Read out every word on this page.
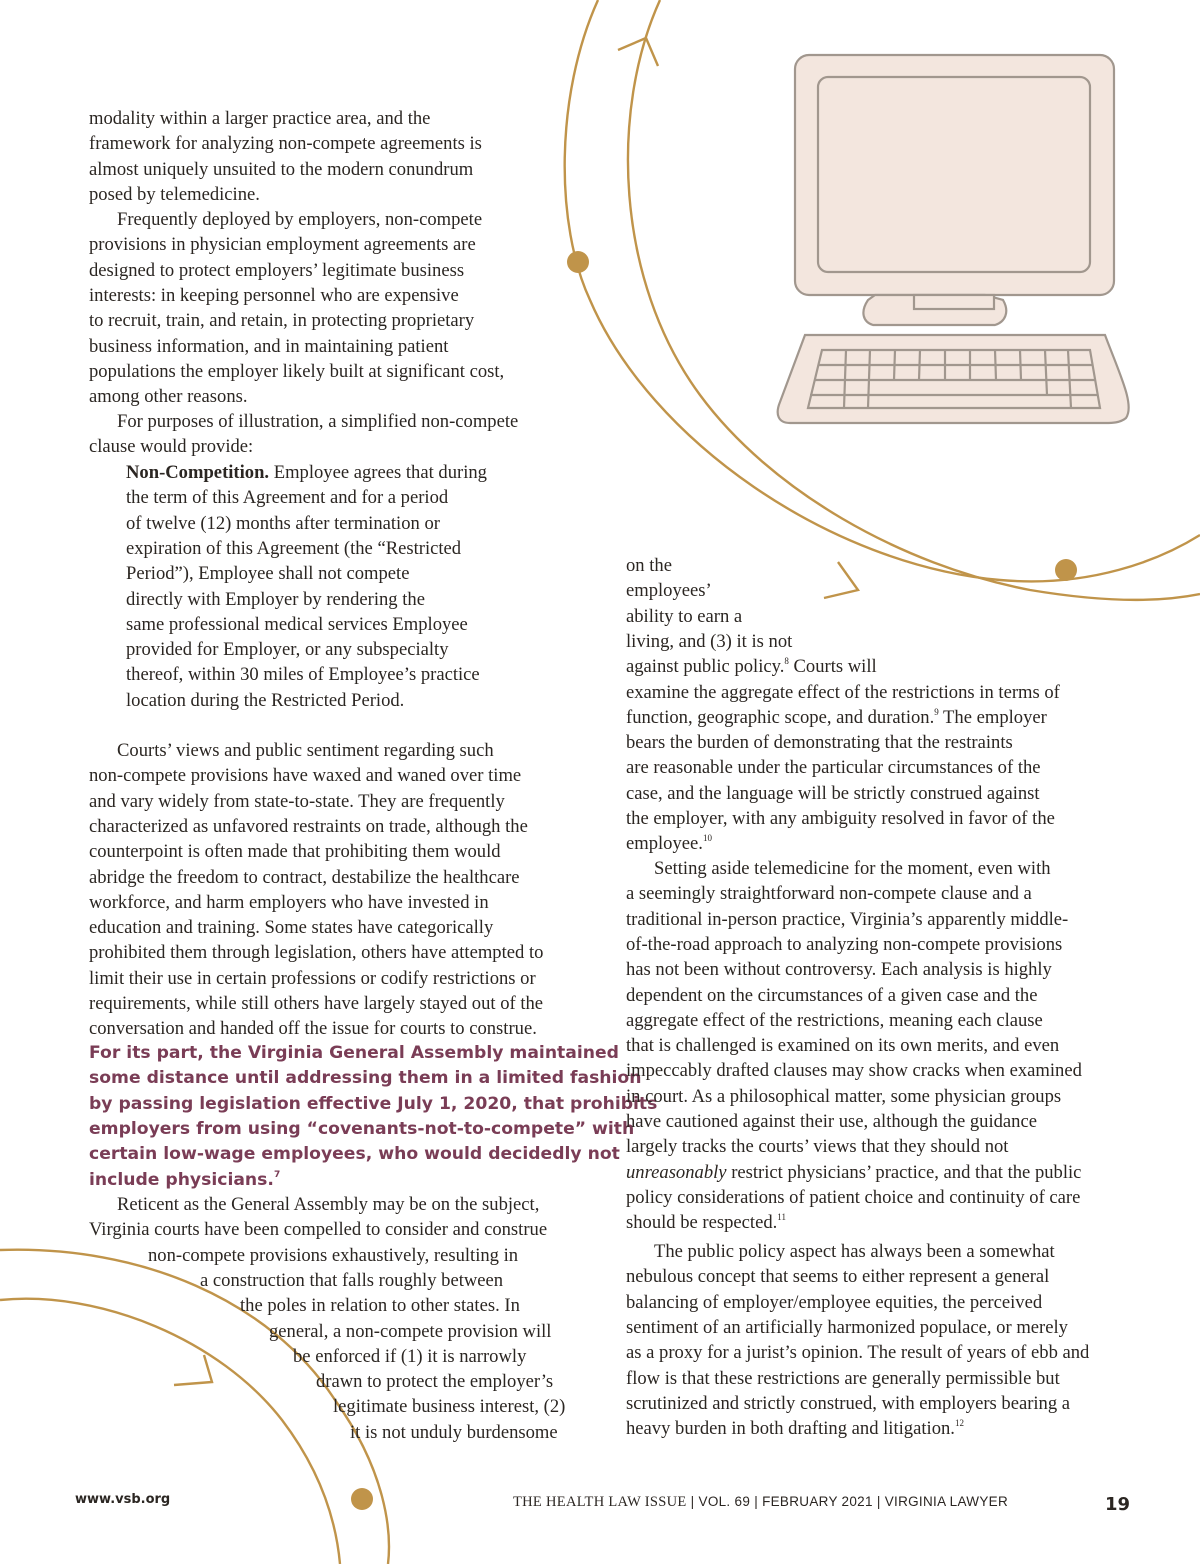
modality within a larger practice area, and the
framework for analyzing non-compete agreements is
almost uniquely unsuited to the modern conundrum
posed by telemedicine.
Frequently deployed by employers, non-compete
provisions in physician employment agreements are
designed to protect employers’ legitimate business
interests: in keeping personnel who are expensive
to recruit, train, and retain, in protecting proprietary
business information, and in maintaining patient
populations the employer likely built at significant cost,
among other reasons.
For purposes of illustration, a simplified non-compete
clause would provide:
Non-Competition. Employee agrees that during
the term of this Agreement and for a period
of twelve (12) months after termination or
expiration of this Agreement (the “Restricted
Period”), Employee shall not compete
directly with Employer by rendering the
same professional medical services Employee
provided for Employer, or any subspecialty
thereof, within 30 miles of Employee’s practice
location during the Restricted Period.
Courts’ views and public sentiment regarding such
non-compete provisions have waxed and waned over time
and vary widely from state-to-state. They are frequently
characterized as unfavored restraints on trade, although the
counterpoint is often made that prohibiting them would
abridge the freedom to contract, destabilize the healthcare
workforce, and harm employers who have invested in
education and training. Some states have categorically
prohibited them through legislation, others have attempted to
limit their use in certain professions or codify restrictions or
requirements, while still others have largely stayed out of the
conversation and handed off the issue for courts to construe.
For its part, the Virginia General Assembly maintained
some distance until addressing them in a limited fashion
by passing legislation effective July 1, 2020, that prohibits
employers from using “covenants-not-to-compete” with
certain low-wage employees, who would decidedly not
include physicians.$^7$
Reticent as the General Assembly may be on the subject,
Virginia courts have been compelled to consider and construe
non-compete provisions exhaustively, resulting in
a construction that falls roughly between
the poles in relation to other states. In
general, a non-compete provision will
be enforced if (1) it is narrowly
drawn to protect the employer’s
legitimate business interest, (2)
it is not unduly burdensome
on the
employees’
ability to earn a
living, and (3) it is not
against public policy.$^8$ Courts will
examine the aggregate effect of the restrictions in terms of
function, geographic scope, and duration.$^9$ The employer
bears the burden of demonstrating that the restraints
are reasonable under the particular circumstances of the
case, and the language will be strictly construed against
the employer, with any ambiguity resolved in favor of the
employee.$^{10}$
Setting aside telemedicine for the moment, even with
a seemingly straightforward non-compete clause and a
traditional in-person practice, Virginia’s apparently middle-
of-the-road approach to analyzing non-compete provisions
has not been without controversy. Each analysis is highly
dependent on the circumstances of a given case and the
aggregate effect of the restrictions, meaning each clause
that is challenged is examined on its own merits, and even
impeccably drafted clauses may show cracks when examined
in court. As a philosophical matter, some physician groups
have cautioned against their use, although the guidance
largely tracks the courts’ views that they should not
unreasonably restrict physicians’ practice, and that the public
policy considerations of patient choice and continuity of care
should be respected.$^{11}$
The public policy aspect has always been a somewhat
nebulous concept that seems to either represent a general
balancing of employer/employee equities, the perceived
sentiment of an artificially harmonized populace, or merely
as a proxy for a jurist’s opinion. The result of years of ebb and
flow is that these restrictions are generally permissible but
scrutinized and strictly construed, with employers bearing a
heavy burden in both drafting and litigation.$^{12}$
www.vsb.org	THE HEALTH LAW ISSUE | VOL. 69 | FEBRUARY 2021 | VIRGINIA LAWYER	19
